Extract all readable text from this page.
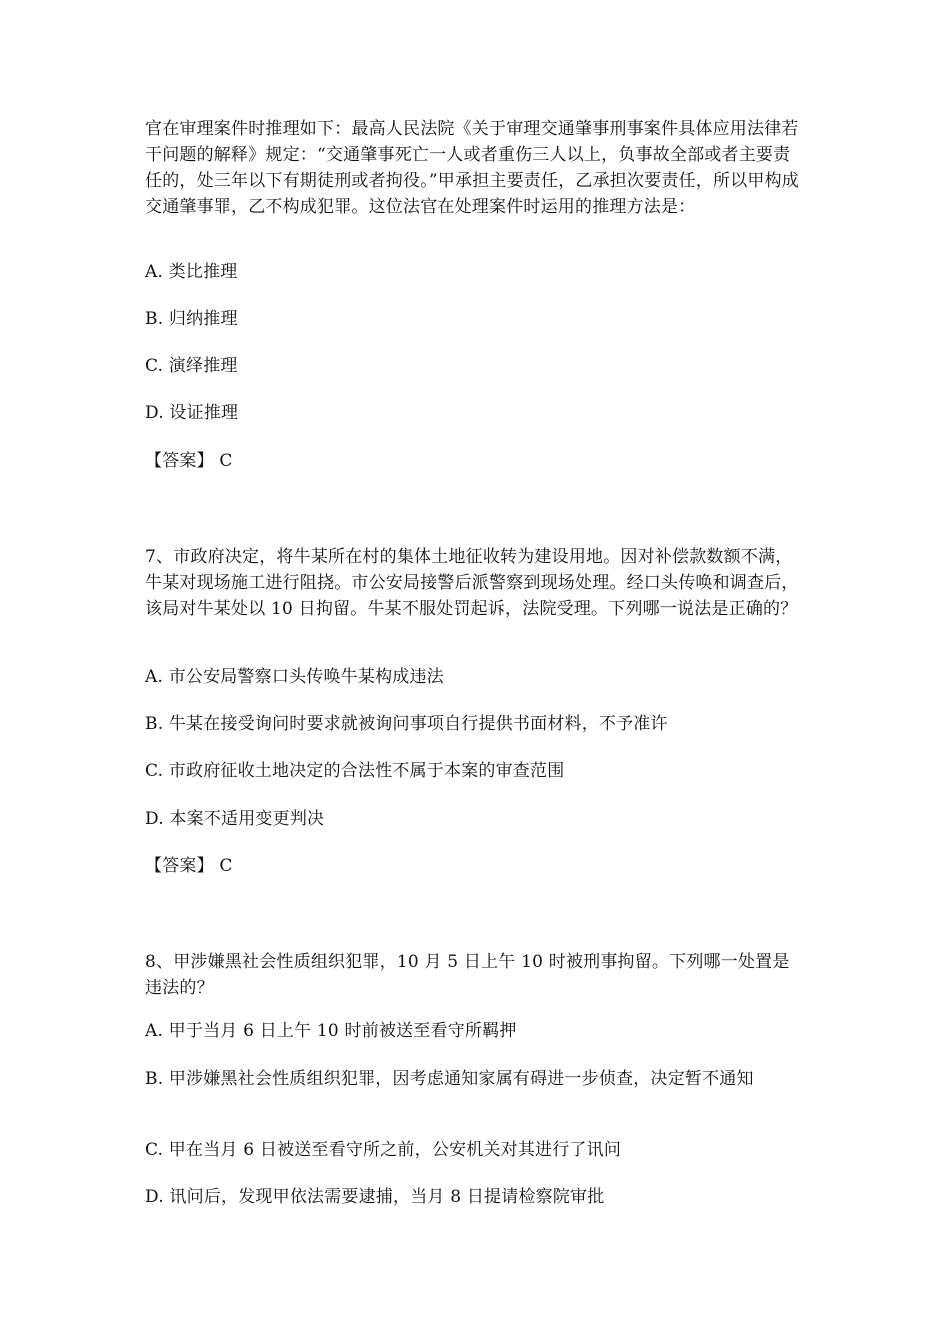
官在审理案件时推理如下：最高人民法院《关于审理交通肇事刑事案件具体应用法律若干问题的解释》规定：“交通肇事死亡一人或者重伤三人以上，负事故全部或者主要责任的，处三年以下有期徒刑或者拘役。”甲承担主要责任，乙承担次要责任，所以甲构成交通肇事罪，乙不构成犯罪。这位法官在处理案件时运用的推理方法是：
A. 类比推理
B. 归纳推理
C. 演绎推理
D. 设证推理
【答案】 C
7、市政府决定，将牛某所在村的集体土地征收转为建设用地。因对补偿款数额不满，牛某对现场施工进行阻挠。市公安局接警后派警察到现场处理。经口头传唤和调查后，该局对牛某处以 10 日拘留。牛某不服处罚起诉，法院受理。下列哪一说法是正确的？
A. 市公安局警察口头传唤牛某构成违法
B. 牛某在接受询问时要求就被询问事项自行提供书面材料，不予准许
C. 市政府征收土地决定的合法性不属于本案的审查范围
D. 本案不适用变更判决
【答案】 C
8、甲涉嫌黑社会性质组织犯罪，10 月 5 日上午 10 时被刑事拘留。下列哪一处置是违法的？
A. 甲于当月 6 日上午 10 时前被送至看守所羁押
B. 甲涉嫌黑社会性质组织犯罪，因考虑通知家属有碍进一步侦查，决定暂不通知
C. 甲在当月 6 日被送至看守所之前，公安机关对其进行了讯问
D. 讯问后，发现甲依法需要逮捕，当月 8 日提请检察院审批
